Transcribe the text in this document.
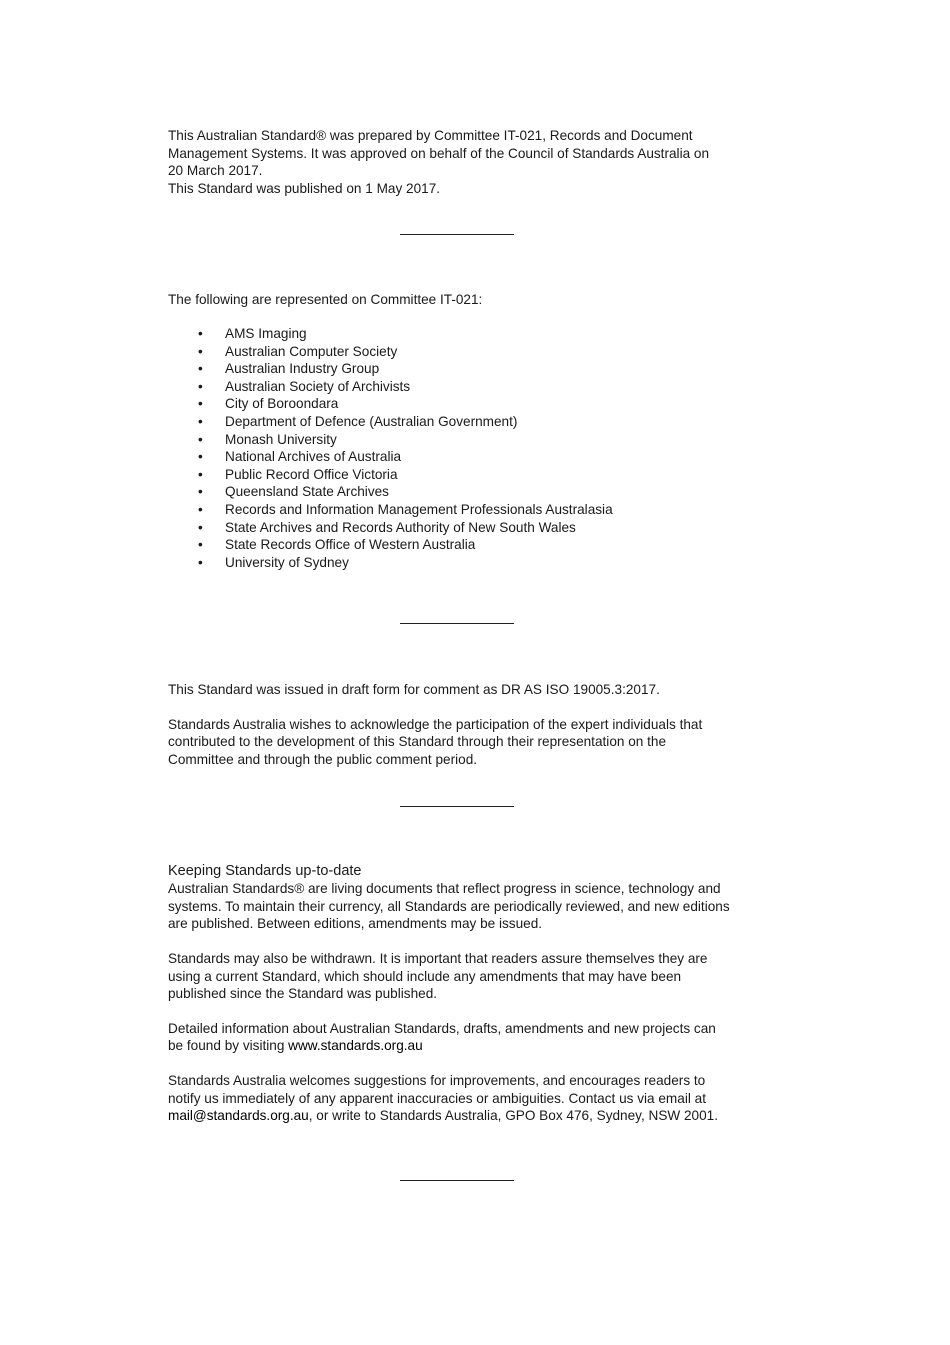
This Australian Standard® was prepared by Committee IT-021, Records and Document

Management Systems. It was approved on behalf of the Council of Standards Australia on

20 March 2017.

This Standard was published on 1 May 2017.

The following are represented on Committee IT-021:

• AMS Imaging

• Australian Computer Society

• Australian Industry Group

• Australian Society of Archivists

• City of Boroondara

• Department of Defence (Australian Government)

• Monash University

• National Archives of Australia

• Public Record Office Victoria

• Queensland State Archives

• Records and Information Management Professionals Australasia

• State Archives and Records Authority of New South Wales

• State Records Office of Western Australia

• University of Sydney

This Standard was issued in draft form for comment as DR AS ISO 19005.3:2017.

Standards Australia wishes to acknowledge the participation of the expert individuals that

contributed to the development of this Standard through their representation on the

Committee and through the public comment period.

Keeping Standards up-to-date

Australian Standards® are living documents that reflect progress in science, technology and

systems. To maintain their currency, all Standards are periodically reviewed, and new editions

are published. Between editions, amendments may be issued.

Standards may also be withdrawn. It is important that readers assure themselves they are

using a current Standard, which should include any amendments that may have been

published since the Standard was published.

Detailed information about Australian Standards, drafts, amendments and new projects can

be found by visiting www.standards.org.au

Standards Australia welcomes suggestions for improvements, and encourages readers to

notify us immediately of any apparent inaccuracies or ambiguities. Contact us via email at

mail@standards.org.au, or write to Standards Australia, GPO Box 476, Sydney, NSW 2001.
